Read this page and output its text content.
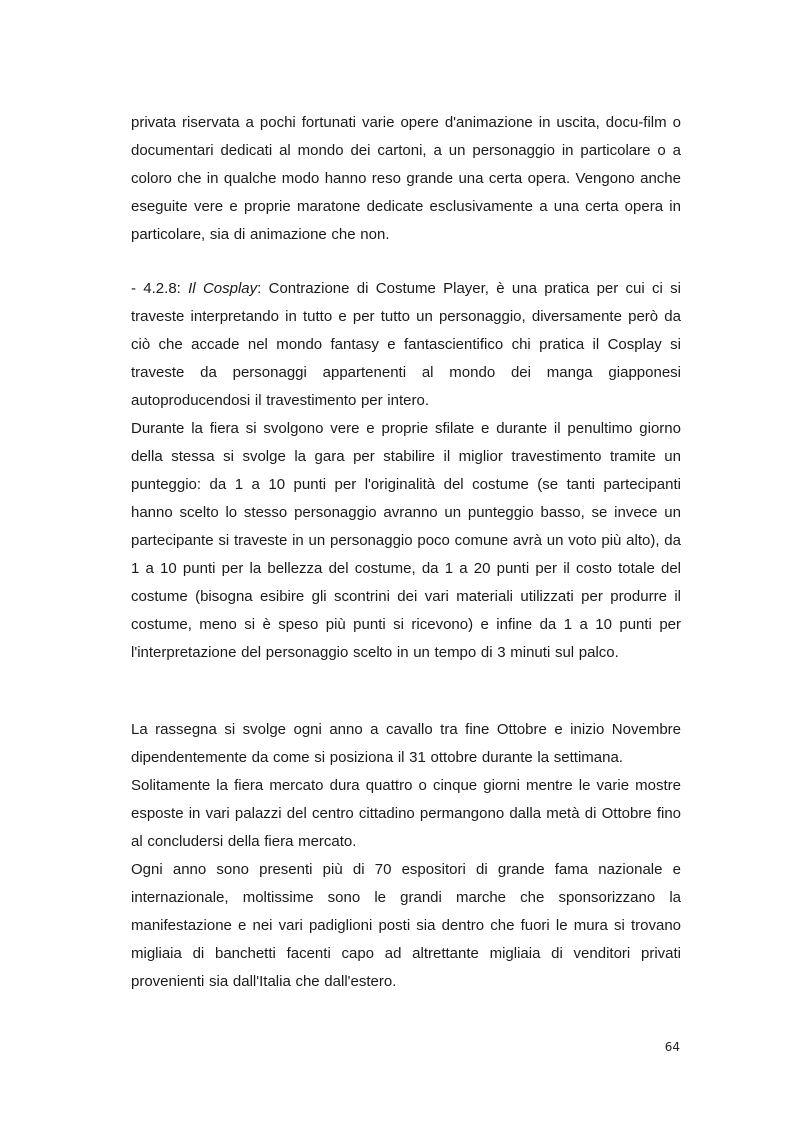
privata riservata a pochi fortunati varie opere d'animazione in uscita, docu-film o documentari dedicati al mondo dei cartoni, a un personaggio in particolare o a coloro che in qualche modo hanno reso grande una certa opera. Vengono anche eseguite vere e proprie maratone dedicate esclusivamente a una certa opera in particolare, sia di animazione che non.

- 4.2.8: Il Cosplay: Contrazione di Costume Player, è una pratica per cui ci si traveste interpretando in tutto e per tutto un personaggio, diversamente però da ciò che accade nel mondo fantasy e fantascientifico chi pratica il Cosplay si traveste da personaggi appartenenti al mondo dei manga giapponesi autoproducendosi il travestimento per intero.

Durante la fiera si svolgono vere e proprie sfilate e durante il penultimo giorno della stessa si svolge la gara per stabilire il miglior travestimento tramite un punteggio: da 1 a 10 punti per l'originalità del costume (se tanti partecipanti hanno scelto lo stesso personaggio avranno un punteggio basso, se invece un partecipante si traveste in un personaggio poco comune avrà un voto più alto), da 1 a 10 punti per la bellezza del costume, da 1 a 20 punti per il costo totale del costume (bisogna esibire gli scontrini dei vari materiali utilizzati per produrre il costume, meno si è speso più punti si ricevono) e infine da 1 a 10 punti per l'interpretazione del personaggio scelto in un tempo di 3 minuti sul palco.

La rassegna si svolge ogni anno a cavallo tra fine Ottobre e inizio Novembre dipendentemente da come si posiziona il 31 ottobre durante la settimana.

Solitamente la fiera mercato dura quattro o cinque giorni mentre le varie mostre esposte in vari palazzi del centro cittadino permangono dalla metà di Ottobre fino al concludersi della fiera mercato.

Ogni anno sono presenti più di 70 espositori di grande fama nazionale e internazionale, moltissime sono le grandi marche che sponsorizzano la manifestazione e nei vari padiglioni posti sia dentro che fuori le mura si trovano migliaia di banchetti facenti capo ad altrettante migliaia di venditori privati provenienti sia dall'Italia che dall'estero.

64
